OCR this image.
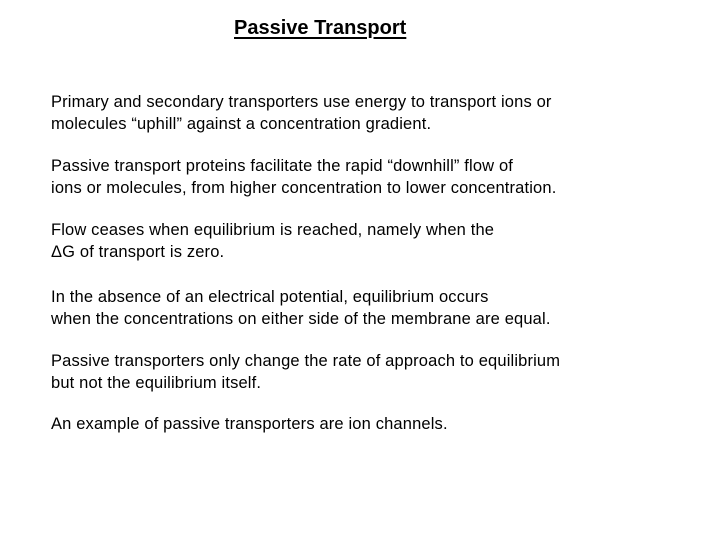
Passive Transport
Primary and secondary transporters use energy to transport ions or
molecules “uphill” against a concentration gradient.
Passive transport proteins facilitate the rapid “downhill” flow of
ions or molecules, from higher concentration to lower concentration.
Flow ceases when equilibrium is reached, namely when the
ΔG of transport is zero.
In the absence of an electrical potential, equilibrium occurs
when the concentrations on either side of the membrane are equal.
Passive transporters only change the rate of approach to equilibrium
but not the equilibrium itself.
An example of passive transporters are ion channels.
